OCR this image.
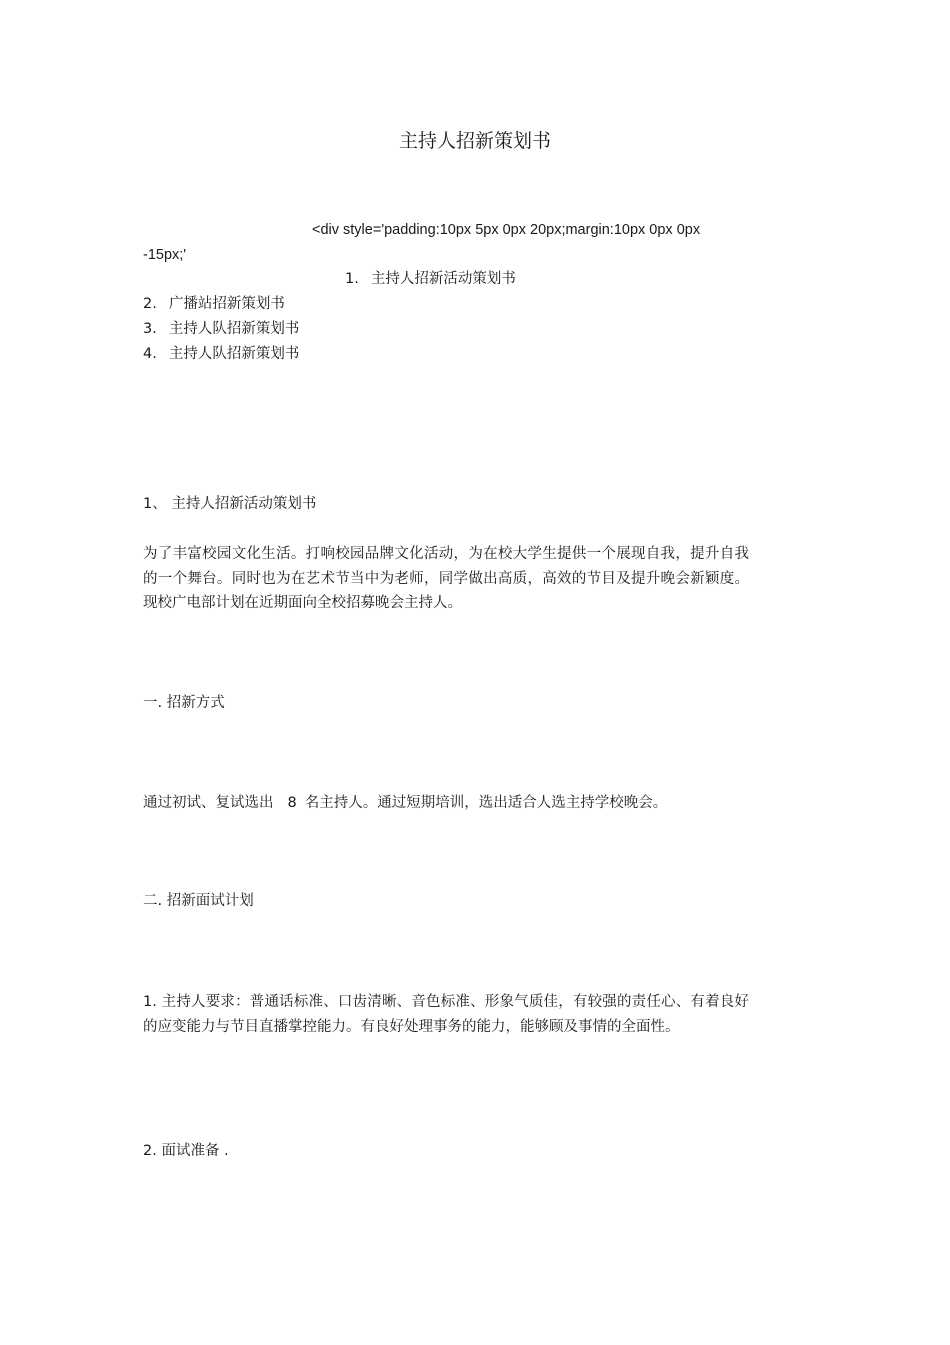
主持人招新策划书
<div style='padding:10px 5px 0px 20px;margin:10px 0px 0px
-15px;'
1. 主持人招新活动策划书
2. 广播站招新策划书
3. 主持人队招新策划书
4. 主持人队招新策划书
1、 主持人招新活动策划书
为了丰富校园文化生活。打响校园品牌文化活动，为在校大学生提供一个展现自我，提升自我的一个舞台。同时也为在艺术节当中为老师，同学做出高质，高效的节目及提升晚会新颖度。现校广电部计划在近期面向全校招募晚会主持人。
一. 招新方式
通过初试、复试选出 8 名主持人。通过短期培训，选出适合人选主持学校晚会。
二. 招新面试计划
1. 主持人要求：普通话标准、口齿清晰、音色标准、形象气质佳，有较强的责任心、有着良好的应变能力与节目直播掌控能力。有良好处理事务的能力，能够顾及事情的全面性。
2. 面试准备 .
